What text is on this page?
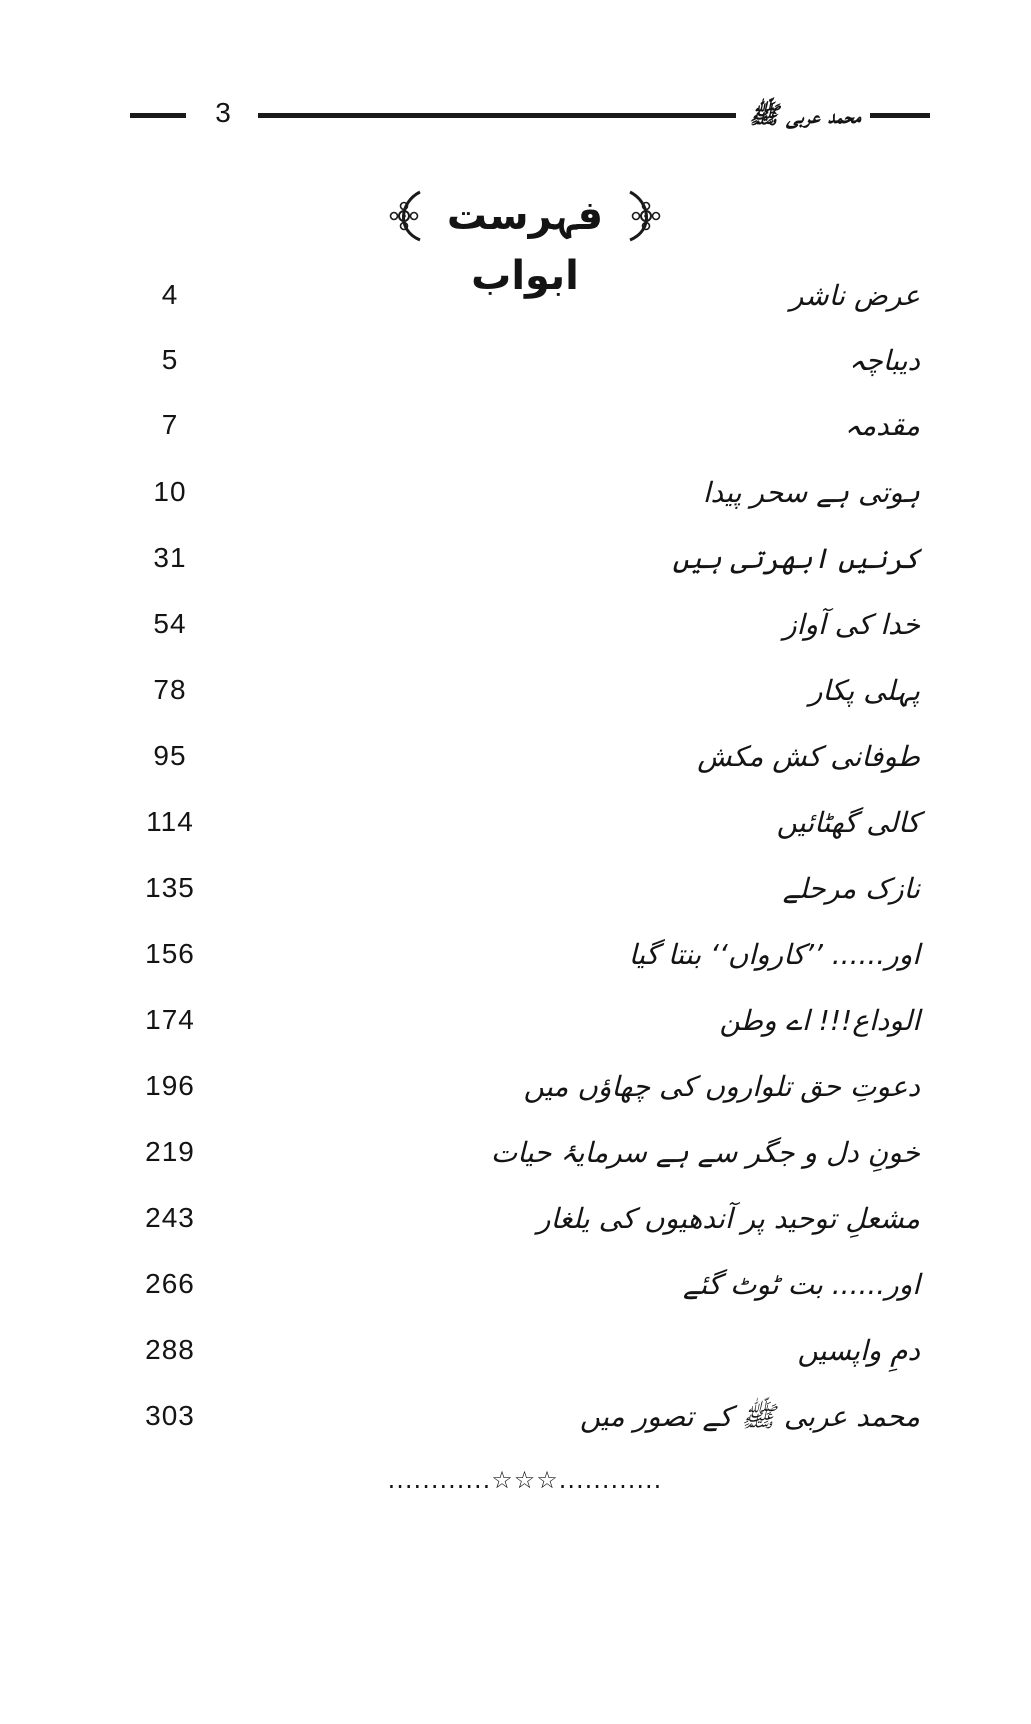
3	محمد عربی ﷺ
فہرست ابواب
4	عرض ناشر
5	دیباچہ
7	مقدمہ
10	ہوتی ہے سحر پیدا
31	کرنیں ابھرتی ہیں
54	خدا کی آواز
78	پہلی پکار
95	طوفانی کش مکش
114	کالی گھٹائیں
135	نازک مرحلے
156	اور...... ’’کارواں‘‘ بنتا گیا
174	الوداع!!! اے وطن
196	دعوتِ حق تلواروں کی چھاؤں میں
219	خونِ دل و جگر سے ہے سرمایۂ حیات
243	مشعلِ توحید پر آندھیوں کی یلغار
266	اور...... بت ٹوٹ گئے
288	دمِ واپسیں
303	محمد عربی ﷺ کے تصور میں
............☆☆☆............
